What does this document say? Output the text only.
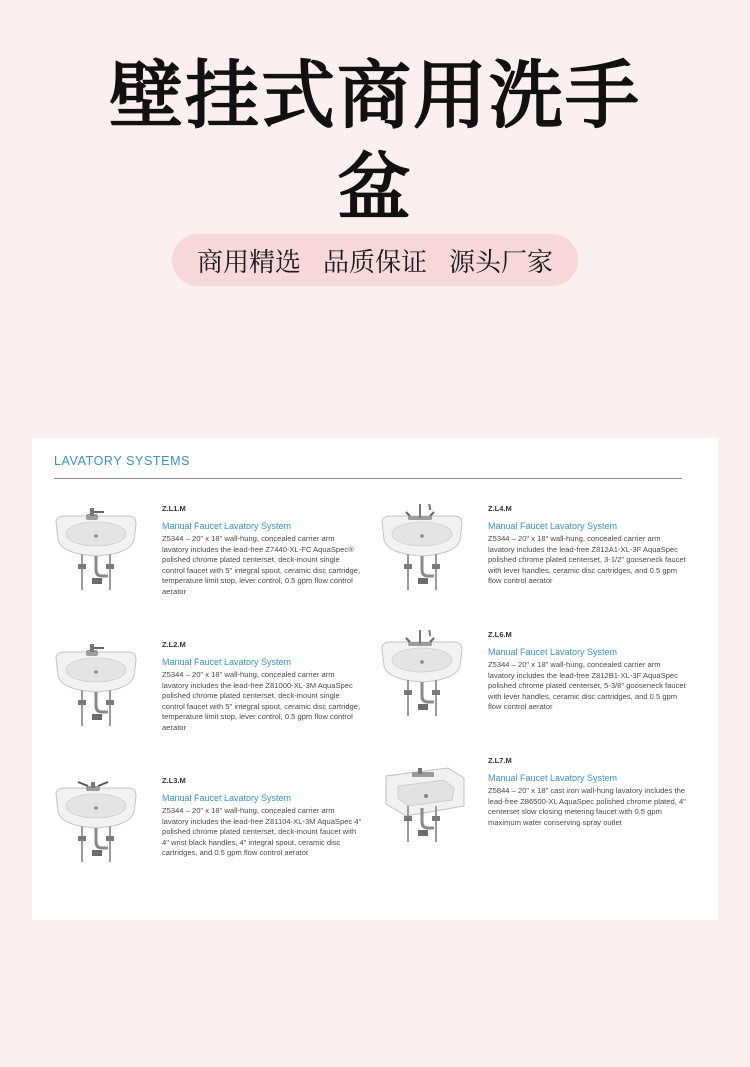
壁挂式商用洗手
盆
商用精选 品质保证 源头厂家
LAVATORY SYSTEMS
Z.L1.M
Manual Faucet Lavatory System
Z5344 – 20" x 18" wall-hung, concealed carrier arm lavatory includes the lead-free Z7440-XL-FC AquaSpec® polished chrome plated centerset, deck-mount single control faucet with 5" integral spout, ceramic disc cartridge, temperature limit stop, lever control, 0.5 gpm flow control aerator
Z.L2.M
Manual Faucet Lavatory System
Z5344 – 20" x 18" wall-hung, concealed carrier arm lavatory includes the lead-free Z81000-XL-3M AquaSpec polished chrome plated centerset, deck-mount single control faucet with 5" integral spout, ceramic disc cartridge, temperature limit stop, lever control, 0.5 gpm flow control aerator
Z.L3.M
Manual Faucet Lavatory System
Z5344 – 20" x 18" wall-hung, concealed carrier arm lavatory includes the lead-free Z81104-XL-3M AquaSpec 4" polished chrome plated centerset, deck-mount faucet with 4" wrist black handles, 4" integral spout, ceramic disc cartridges, and 0.5 gpm flow control aerator
Z.L4.M
Manual Faucet Lavatory System
Z5344 – 20" x 18" wall-hung, concealed carrier arm lavatory includes the lead-free Z812A1-XL-3F AquaSpec polished chrome plated centerset, 3-1/2" gooseneck faucet with lever handles, ceramic disc cartridges, and 0.5 gpm flow control aerator
Z.L6.M
Manual Faucet Lavatory System
Z5344 – 20" x 18" wall-hung, concealed carrier arm lavatory includes the lead-free Z812B1-XL-3F AquaSpec polished chrome plated centerset, 5-3/8" gooseneck faucet with lever handles, ceramic disc cartridges, and 0.5 gpm flow control aerator
Z.L7.M
Manual Faucet Lavatory System
Z5844 – 20" x 18" cast iron wall-hung lavatory includes the lead-free Z86500-XL AquaSpec polished chrome plated, 4" centerset slow closing metering faucet with 0.5 gpm maximum water conserving spray outlet
